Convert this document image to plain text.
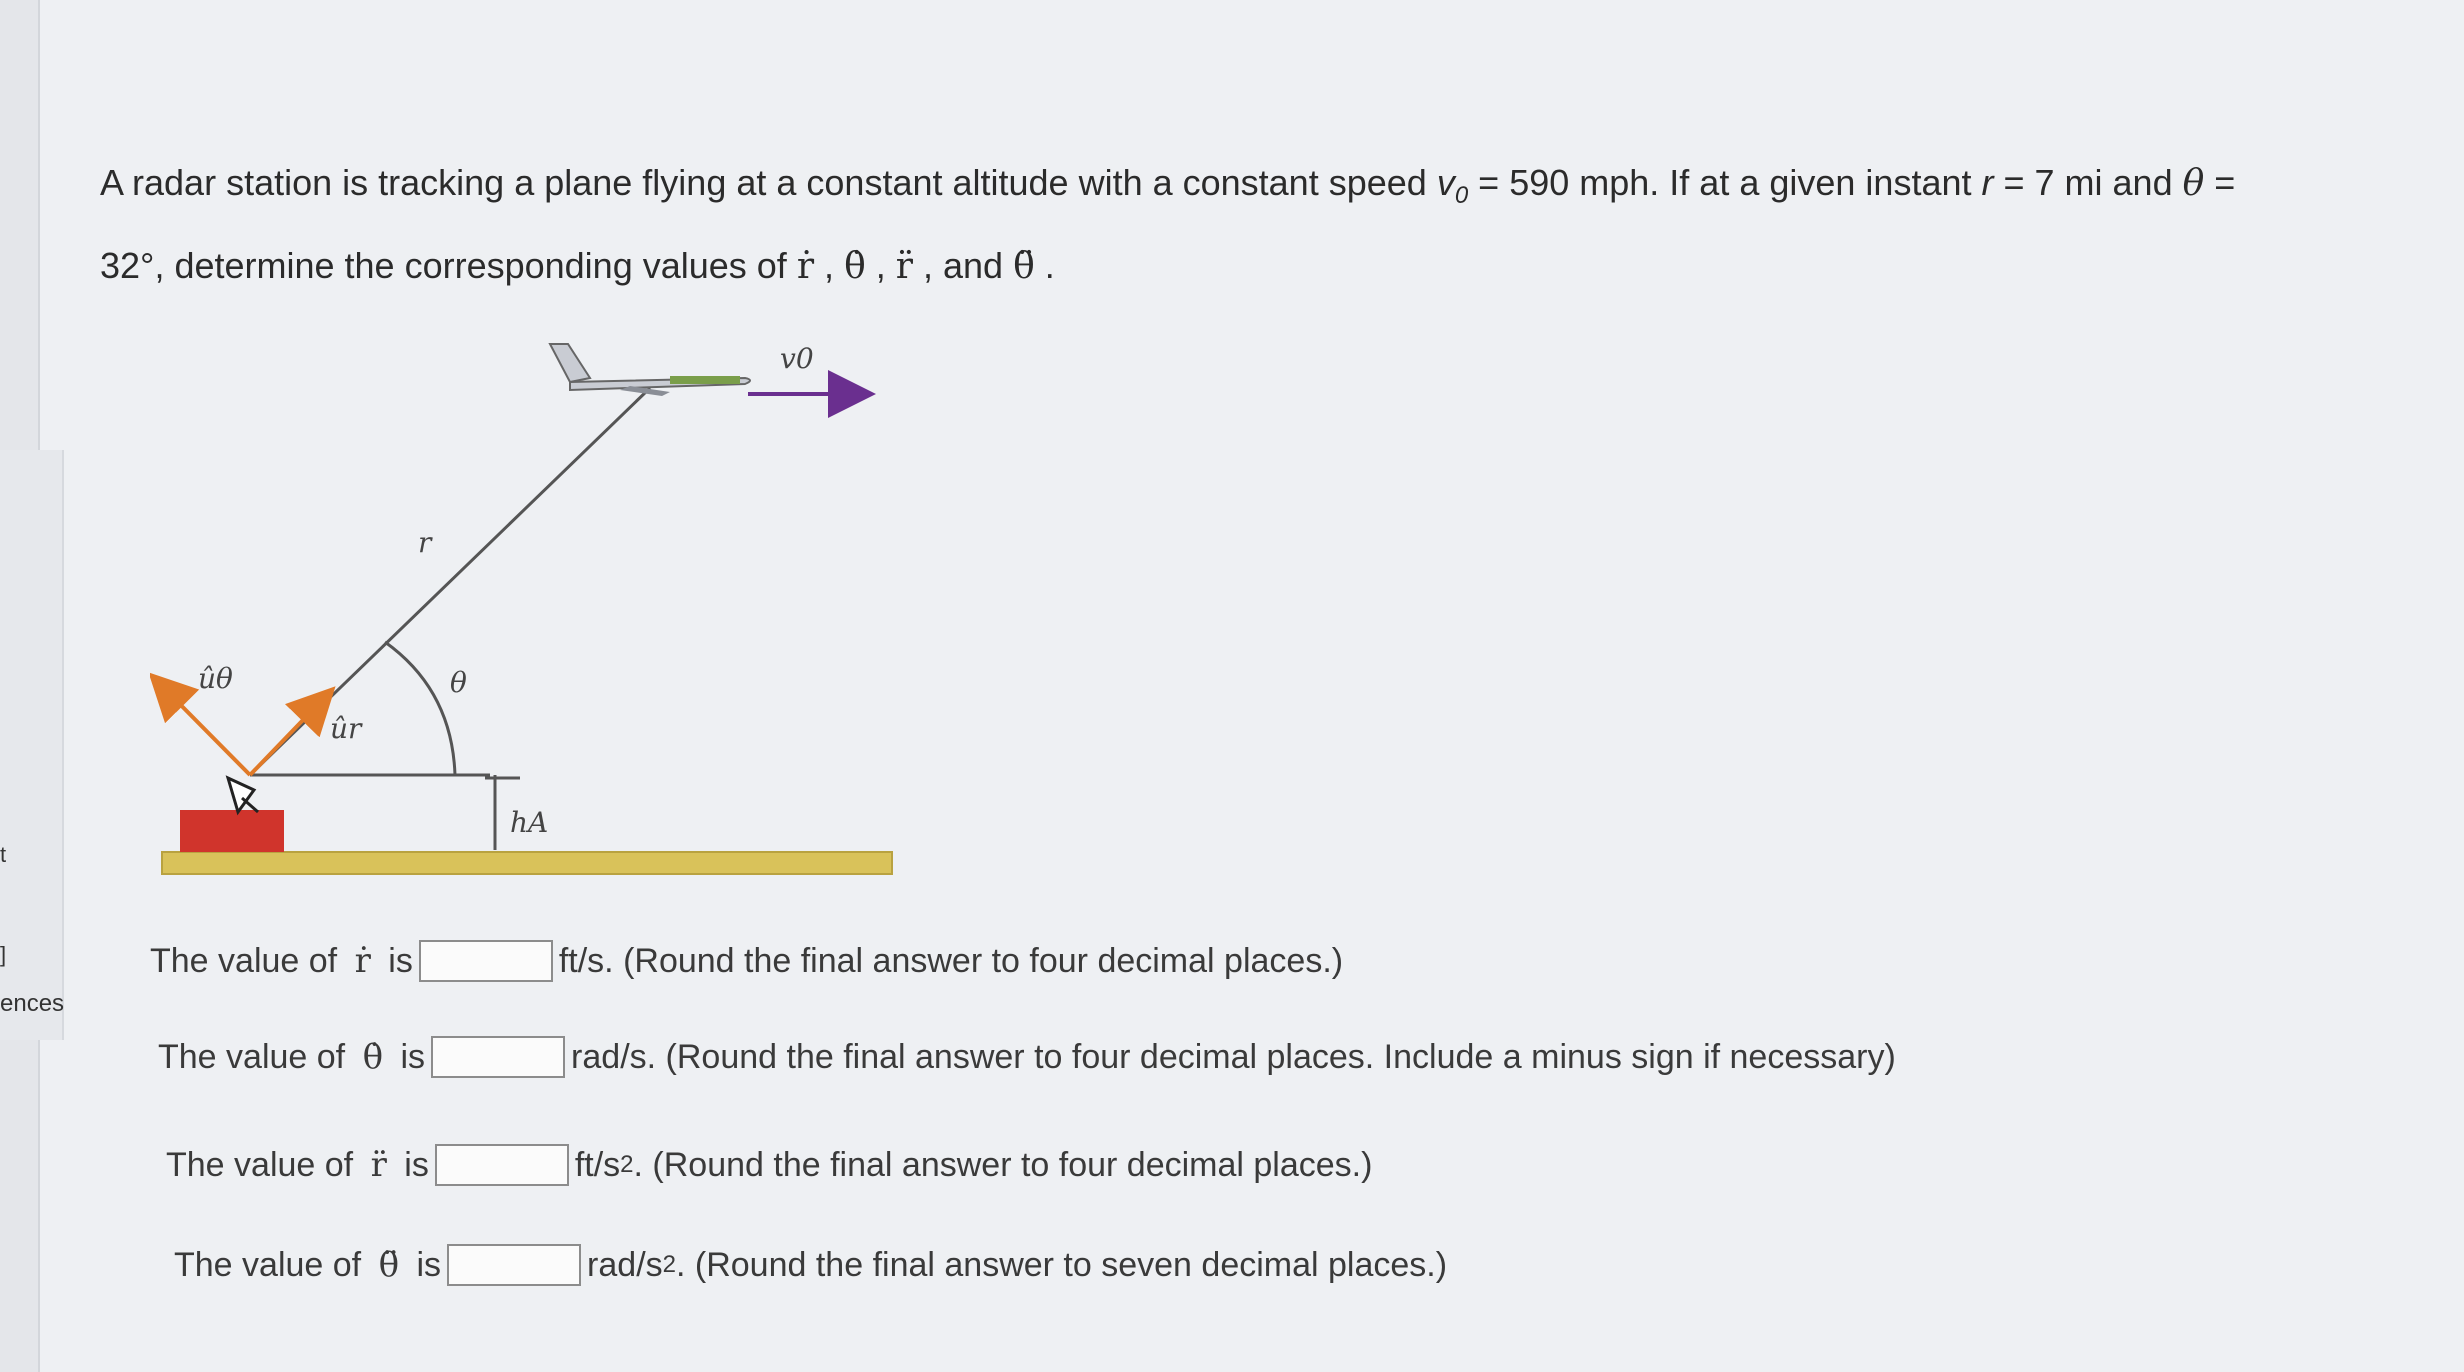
t
]
ences
A radar station is tracking a plane flying at a constant altitude with a constant speed $v_0 = 590$ mph. If at a given instant r = 7 mi and θ =
32°, determine the corresponding values of ṙ , θ̇ , r̈ , and θ̈ .
v0
r
θ
ûθ
ûr
hA
The value of ṙ is	ft/s . (Round the final answer to four decimal places.)
The value of θ̇ is	rad/s . (Round the final answer to four decimal places. Include a minus sign if necessary)
The value of r̈ is	ft/s 2 . (Round the final answer to four decimal places.)
The value of θ̈ is	rad/s 2 . (Round the final answer to seven decimal places.)
